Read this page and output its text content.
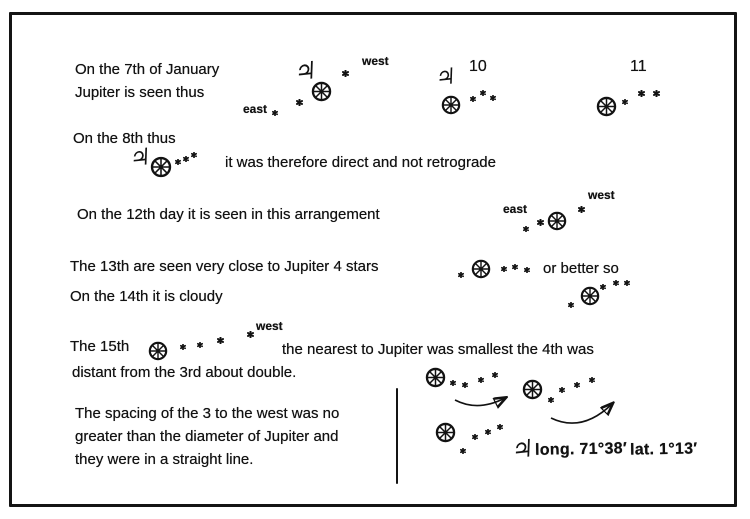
On the 7th of January
Jupiter is seen thus
east
west	10	11
On the 8th thus
it was therefore direct and not retrograde
On the 12th day it is seen in this arrangement	east
west
The 13th are seen very close to Jupiter 4 stars	or better so
On the 14th it is cloudy
The 15th
west
the nearest to Jupiter was smallest the 4th was
distant from the 3rd about double.
The spacing of the 3 to the west was no
greater than the diameter of Jupiter and
they were in a straight line.
long. 71°38′ lat. 1°13′
♃	♃
♃
♃
